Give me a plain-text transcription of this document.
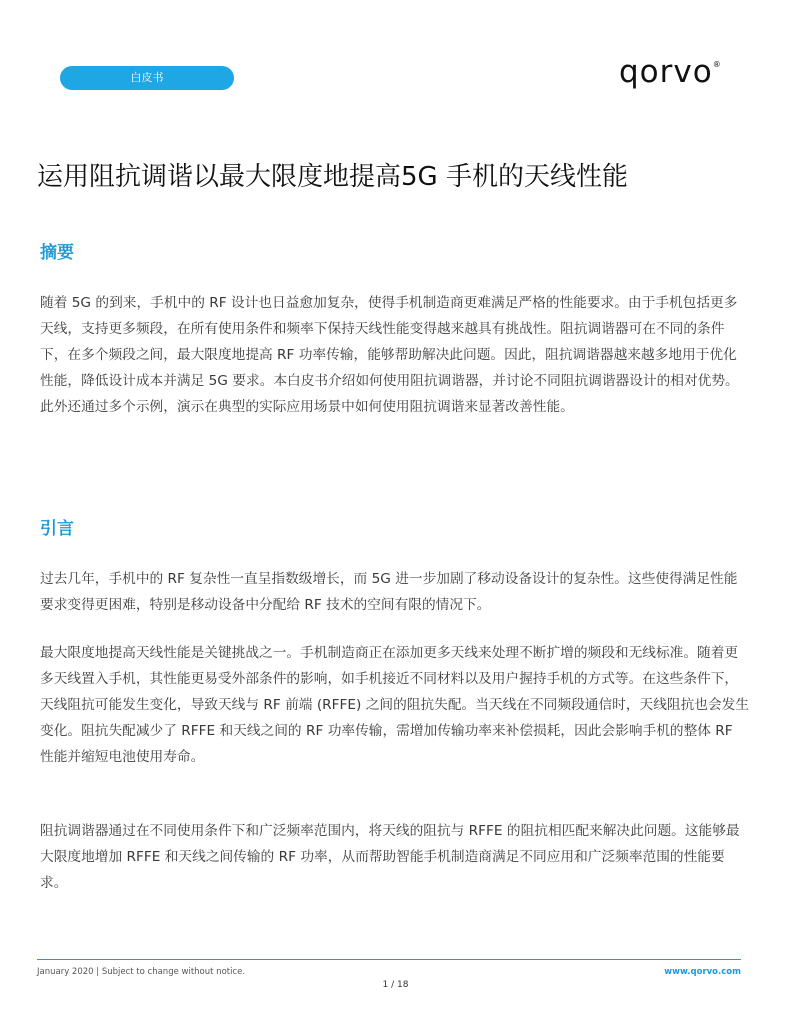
白皮书	qorvo®
运用阻抗调谐以最大限度地提高5G 手机的天线性能
摘要

随着 5G 的到来，手机中的 RF 设计也日益愈加复杂，使得手机制造商更难满足严格的性能要求。由于手机包括更多天线，支持更多频段，在所有使用条件和频率下保持天线性能变得越来越具有挑战性。阻抗调谐器可在不同的条件下，在多个频段之间，最大限度地提高 RF 功率传输，能够帮助解决此问题。因此，阻抗调谐器越来越多地用于优化性能，降低设计成本并满足 5G 要求。本白皮书介绍如何使用阻抗调谐器，并讨论不同阻抗调谐器设计的相对优势。此外还通过多个示例，演示在典型的实际应用场景中如何使用阻抗调谐来显著改善性能。

引言

过去几年，手机中的 RF 复杂性一直呈指数级增长，而 5G 进一步加剧了移动设备设计的复杂性。这些使得满足性能要求变得更困难，特别是移动设备中分配给 RF 技术的空间有限的情况下。

最大限度地提高天线性能是关键挑战之一。手机制造商正在添加更多天线来处理不断扩增的频段和无线标准。随着更多天线置入手机，其性能更易受外部条件的影响，如手机接近不同材料以及用户握持手机的方式等。在这些条件下，天线阻抗可能发生变化，导致天线与 RF 前端 (RFFE) 之间的阻抗失配。当天线在不同频段通信时，天线阻抗也会发生变化。阻抗失配减少了 RFFE 和天线之间的 RF 功率传输，需增加传输功率来补偿损耗，因此会影响手机的整体 RF 性能并缩短电池使用寿命。

阻抗调谐器通过在不同使用条件下和广泛频率范围内，将天线的阻抗与 RFFE 的阻抗相匹配来解决此问题。这能够最大限度地增加 RFFE 和天线之间传输的 RF 功率，从而帮助智能手机制造商满足不同应用和广泛频率范围的性能要求。

January 2020 | Subject to change without notice.	www.qorvo.com
1 / 18
